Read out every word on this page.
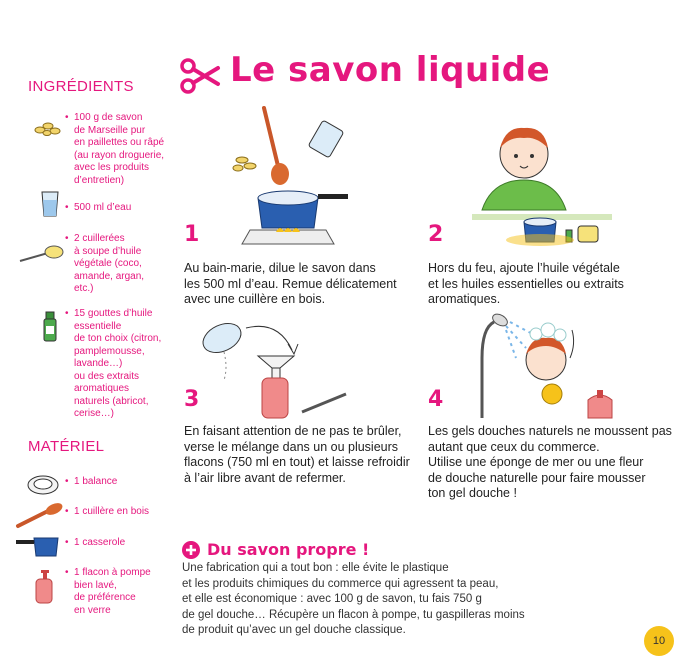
Le savon liquide
INGRÉDIENTS
• 100 g de savon
de Marseille pur
en paillettes ou râpé
(au rayon droguerie,
avec les produits
d’entretien)
• 500 ml d’eau
• 2 cuillerées
à soupe d’huile
végétale (coco,
amande, argan,
etc.)
• 15 gouttes d’huile
essentielle
de ton choix (citron,
pamplemousse,
lavande…)
ou des extraits
aromatiques
naturels (abricot,
cerise…)
MATÉRIEL
• 1 balance
• 1 cuillère en bois
• 1 casserole
• 1 flacon à pompe
bien lavé,
de préférence
en verre
1
Au bain-marie, dilue le savon dans
les 500 ml d’eau. Remue délicatement
avec une cuillère en bois.
2
Hors du feu, ajoute l’huile végétale
et les huiles essentielles ou extraits
aromatiques.
3
En faisant attention de ne pas te brûler,
verse le mélange dans un ou plusieurs
flacons (750 ml en tout) et laisse refroidir
à l’air libre avant de refermer.
4
Les gels douches naturels ne moussent pas
autant que ceux du commerce.
Utilise une éponge de mer ou une fleur
de douche naturelle pour faire mousser
ton gel douche !
Du savon propre !
Une fabrication qui a tout bon : elle évite le plastique
et les produits chimiques du commerce qui agressent ta peau,
et elle est économique : avec 100 g de savon, tu fais 750 g
de gel douche… Récupère un flacon à pompe, tu gaspilleras moins
de produit qu’avec un gel douche classique.
10
